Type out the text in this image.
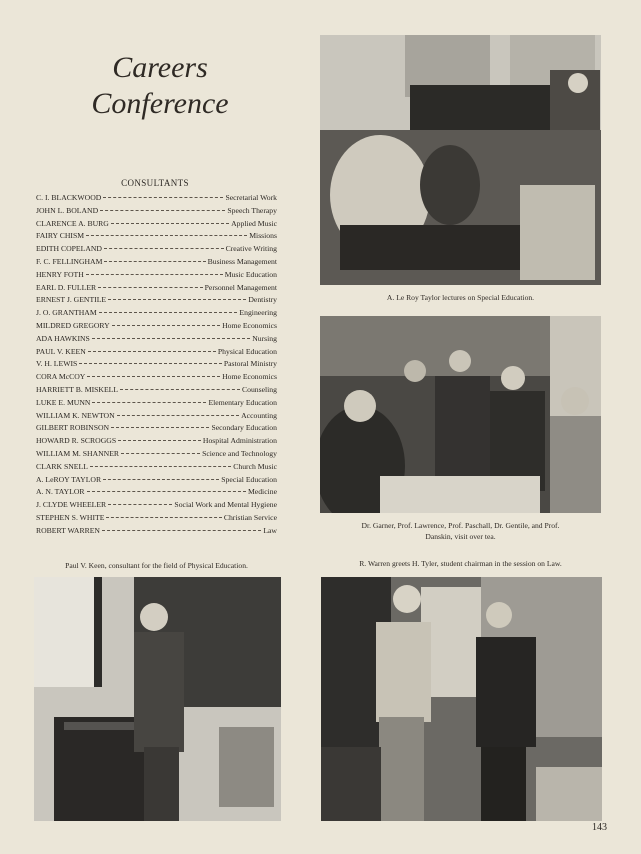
Careers
Conference
CONSULTANTS
C. I. BLACKWOOD	Secretarial Work
JOHN L. BOLAND	Speech Therapy
CLARENCE A. BURG	Applied Music
FAIRY CHISM	Missions
EDITH COPELAND	Creative Writing
F. C. FELLINGHAM	Business Management
HENRY FOTH	Music Education
EARL D. FULLER	Personnel Management
ERNEST J. GENTILE	Dentistry
J. O. GRANTHAM	Engineering
MILDRED GREGORY	Home Economics
ADA HAWKINS	Nursing
PAUL V. KEEN	Physical Education
V. H. LEWIS	Pastoral Ministry
CORA McCOY	Home Economics
HARRIETT B. MISKELL	Counseling
LUKE E. MUNN	Elementary Education
WILLIAM K. NEWTON	Accounting
GILBERT ROBINSON	Secondary Education
HOWARD R. SCROGGS	Hospital Administration
WILLIAM M. SHANNER	Science and Technology
CLARK SNELL	Church Music
A. LeROY TAYLOR	Special Education
A. N. TAYLOR	Medicine
J. CLYDE WHEELER	Social Work and Mental Hygiene
STEPHEN S. WHITE	Christian Service
ROBERT WARREN	Law
A. Le Roy Taylor lectures on Special Education.
Dr. Garner, Prof. Lawrence, Prof. Paschall, Dr. Gentile, and Prof.
Danskin, visit over tea.
Paul V. Keen, consultant for the field of Physical Education.	R. Warren greets H. Tyler, student chairman in the session on Law.
143
